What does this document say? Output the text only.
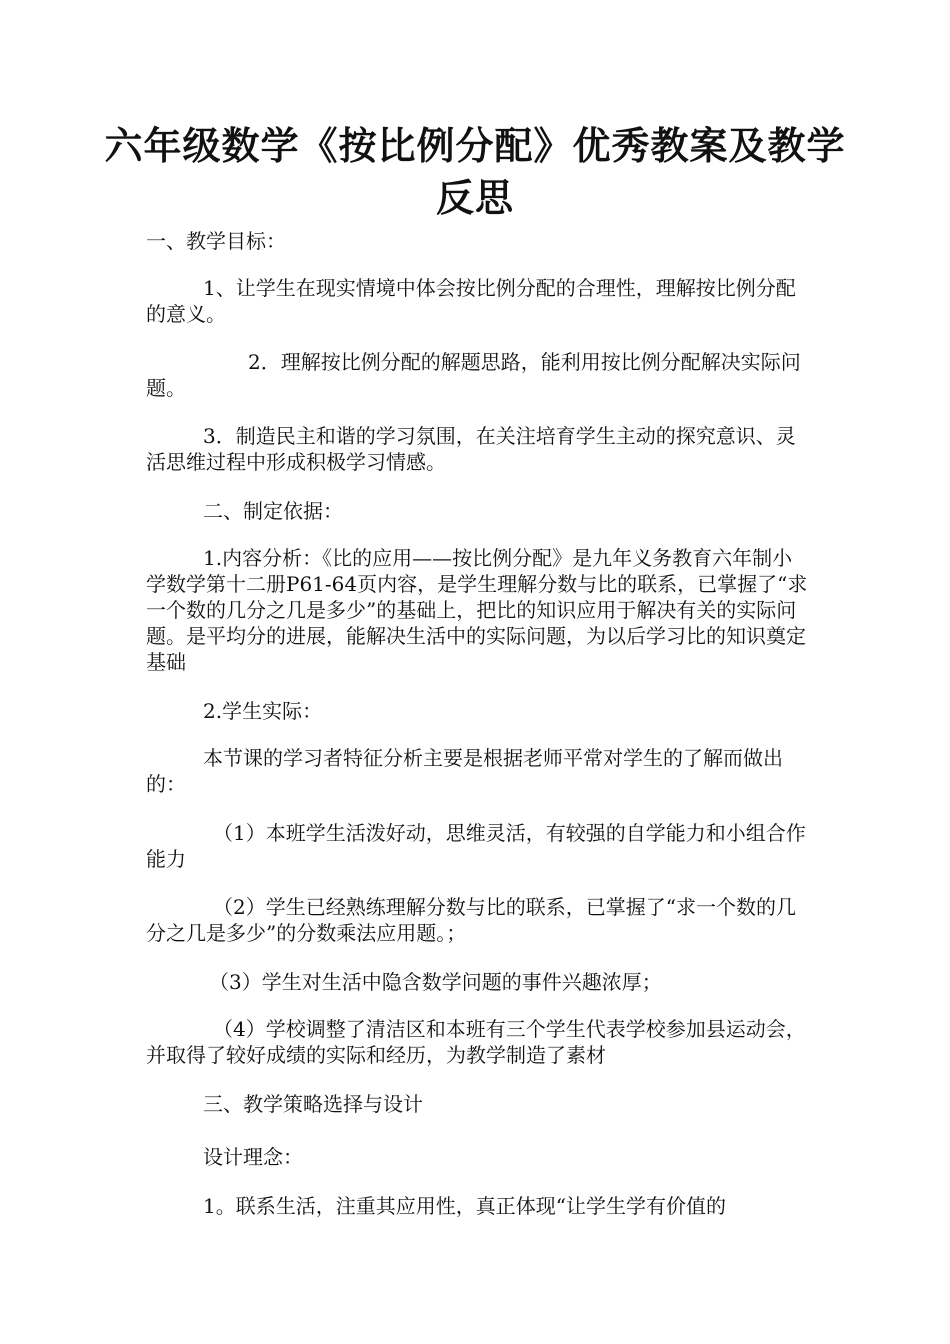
六年级数学《按比例分配》优秀教案及教学反思

一、教学目标：

1、让学生在现实情境中体会按比例分配的合理性，理解按比例分配的意义。

2．理解按比例分配的解题思路，能利用按比例分配解决实际问题。

3．制造民主和谐的学习氛围，在关注培育学生主动的探究意识、灵活思维过程中形成积极学习情感。

二、制定依据：

1.内容分析：《比的应用——按比例分配》是九年义务教育六年制小学数学第十二册P61-64页内容，是学生理解分数与比的联系，已掌握了“求一个数的几分之几是多少”的基础上，把比的知识应用于解决有关的实际问题。是平均分的进展，能解决生活中的实际问题，为以后学习比的知识奠定基础

2.学生实际：

本节课的学习者特征分析主要是根据老师平常对学生的了解而做出的：

（1）本班学生活泼好动，思维灵活，有较强的自学能力和小组合作能力

（2）学生已经熟练理解分数与比的联系，已掌握了“求一个数的几分之几是多少”的分数乘法应用题。；

（3）学生对生活中隐含数学问题的事件兴趣浓厚；

（4）学校调整了清洁区和本班有三个学生代表学校参加县运动会，并取得了较好成绩的实际和经历，为教学制造了素材

三、教学策略选择与设计

设计理念：

1。联系生活，注重其应用性，真正体现“让学生学有价值的
